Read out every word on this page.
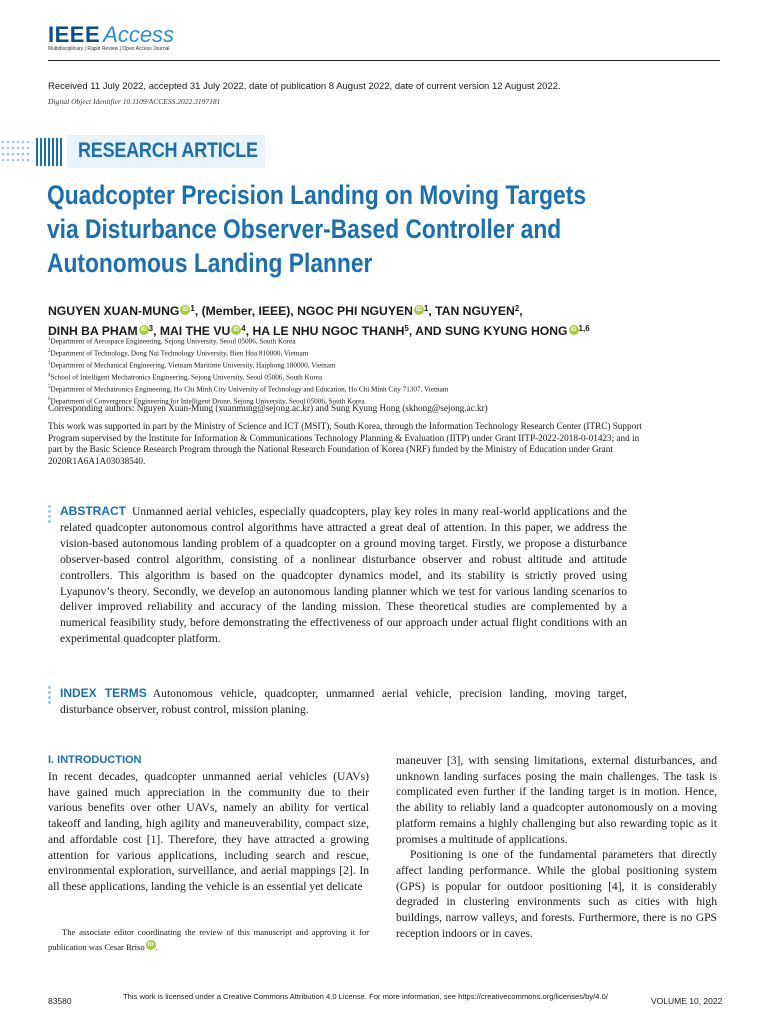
IEEE Access
Multidisciplinary | Rapid Review | Open Access Journal
Received 11 July 2022, accepted 31 July 2022, date of publication 8 August 2022, date of current version 12 August 2022.
Digital Object Identifier 10.1109/ACCESS.2022.3197181
RESEARCH ARTICLE
Quadcopter Precision Landing on Moving Targets
via Disturbance Observer-Based Controller and
Autonomous Landing Planner
NGUYEN XUAN-MUNG iD $^1$, (Member, IEEE), NGOC PHI NGUYEN iD $^1$, TAN NGUYEN$^2$,
DINH BA PHAM iD $^3$, MAI THE VU iD $^4$, HA LE NHU NGOC THANH$^5$, AND SUNG KYUNG HONG iD $^{1,6}$
$^1$Department of Aerospace Engineering, Sejong University, Seoul 05006, South Korea
$^2$Department of Technology, Dong Nai Technology University, Bien Hoa 810000, Vietnam
$^3$Department of Mechanical Engineering, Vietnam Maritime University, Haiphong 180000, Vietnam
$^4$School of Intelligent Mechatronics Engineering, Sejong University, Seoul 05006, South Korea
$^5$Department of Mechatronics Engineering, Ho Chi Minh City University of Technology and Education, Ho Chi Minh City 71307, Vietnam
$^6$Department of Convergence Engineering for Intelligent Drone, Sejong University, Seoul 05006, South Korea
Corresponding authors: Nguyen Xuan-Mung (xuanmung@sejong.ac.kr) and Sung Kyung Hong (skhong@sejong.ac.kr)
This work was supported in part by the Ministry of Science and ICT (MSIT), South Korea, through the Information Technology Research Center (ITRC) Support Program supervised by the Institute for Information & Communications Technology Planning & Evaluation (IITP) under Grant IITP-2022-2018-0-01423; and in part by the Basic Science Research Program through the National Research Foundation of Korea (NRF) funded by the Ministry of Education under Grant 2020R1A6A1A03038540.
ABSTRACT Unmanned aerial vehicles, especially quadcopters, play key roles in many real-world applications and the related quadcopter autonomous control algorithms have attracted a great deal of attention. In this paper, we address the vision-based autonomous landing problem of a quadcopter on a ground moving target. Firstly, we propose a disturbance observer-based control algorithm, consisting of a nonlinear disturbance observer and robust altitude and attitude controllers. This algorithm is based on the quadcopter dynamics model, and its stability is strictly proved using Lyapunov’s theory. Secondly, we develop an autonomous landing planner which we test for various landing scenarios to deliver improved reliability and accuracy of the landing mission. These theoretical studies are complemented by a numerical feasibility study, before demonstrating the effectiveness of our approach under actual flight conditions with an experimental quadcopter platform.
INDEX TERMS Autonomous vehicle, quadcopter, unmanned aerial vehicle, precision landing, moving target, disturbance observer, robust control, mission planing.
I. INTRODUCTION

In recent decades, quadcopter unmanned aerial vehicles (UAVs) have gained much appreciation in the community due to their various benefits over other UAVs, namely an ability for vertical takeoff and landing, high agility and maneuverability, compact size, and affordable cost [1]. Therefore, they have attracted a growing attention for various applications, including search and rescue, environmental exploration, surveillance, and aerial mappings [2]. In all these applications, landing the vehicle is an essential yet delicate

maneuver [3], with sensing limitations, external disturbances, and unknown landing surfaces posing the main challenges. The task is complicated even further if the landing target is in motion. Hence, the ability to reliably land a quadcopter autonomously on a moving platform remains a highly challenging but also rewarding topic as it promises a multitude of applications.

Positioning is one of the fundamental parameters that directly affect landing performance. While the global positioning system (GPS) is popular for outdoor positioning [4], it is considerably degraded in clustering environments such as cities with high buildings, narrow valleys, and forests. Furthermore, there is no GPS reception indoors or in caves.

The associate editor coordinating the review of this manuscript and approving it for publication was Cesar Briso iD .
83580	This work is licensed under a Creative Commons Attribution 4.0 License. For more information, see https://creativecommons.org/licenses/by/4.0/	VOLUME 10, 2022
